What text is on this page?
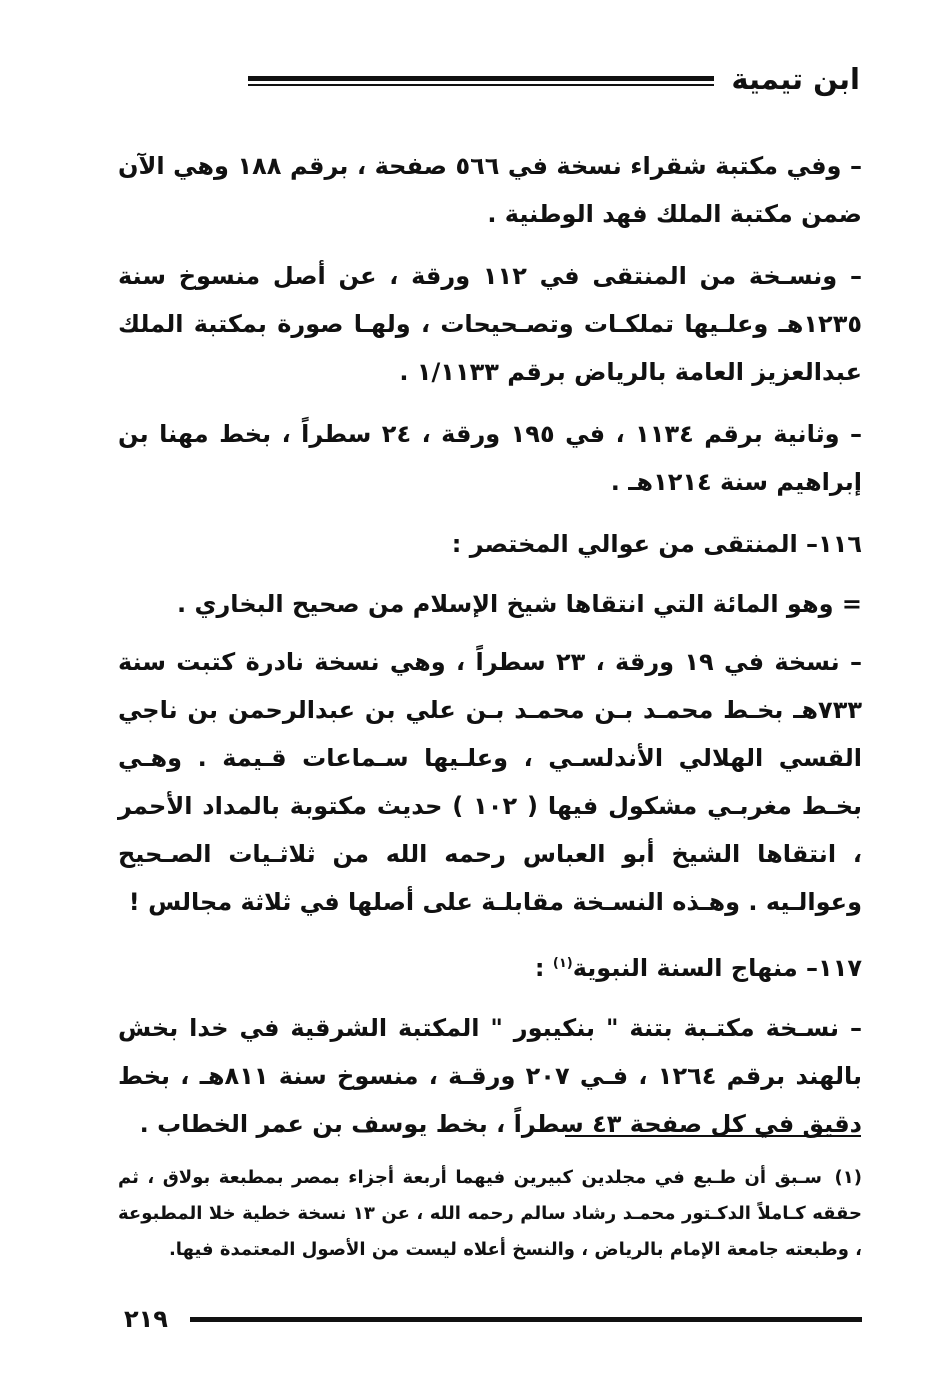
ابن تيمية

– وفي مكتبة شقراء نسخة في ٥٦٦ صفحة ، برقم ١٨٨ وهي الآن ضمن مكتبة الملك فهد الوطنية .

– ونسـخة من المنتقى في ١١٢ ورقة ، عن أصل منسوخ سنة ١٢٣٥هـ وعلـيها تملكـات وتصـحيحات ، ولهـا صورة بمكتبة الملك عبدالعزيز العامة بالرياض برقم ١/١١٣٣ .

– وثانية برقم ١١٣٤ ، في ١٩٥ ورقة ، ٢٤ سطراً ، بخط مهنا بن إبراهيم سنة ١٢١٤هـ .

١١٦– المنتقى من عوالي المختصر :

= وهو المائة التي انتقاها شيخ الإسلام من صحيح البخاري .

– نسخة في ١٩ ورقة ، ٢٣ سطراً ، وهي نسخة نادرة كتبت سنة ٧٣٣هـ بخـط محمـد بـن محمـد بـن علي بن عبدالرحمن بن ناجي القسي الهلالي الأندلسـي ، وعلـيها سـماعات قـيمة . وهـي بخـط مغربـي مشكول فيها ( ١٠٢ ) حديث مكتوبة بالمداد الأحمر ، انتقاها الشيخ أبو العباس رحمه الله من ثلاثـيات الصـحيح وعوالـيه . وهـذه النسـخة مقابلـة على أصلها في ثلاثة مجالس !

١١٧– منهاج السنة النبوية$^{(١)}$ :

– نسـخة مكتـبة بتنة " بنكيبور " المكتبة الشرقية في خدا بخش بالهند برقم ١٢٦٤ ، فـي ٢٠٧ ورقـة ، منسوخ سنة ٨١١هـ ، بخط دقيق في كل صفحة ٤٣ سطراً ، بخط يوسف بن عمر الخطاب .

(١)سـبق أن طـبع في مجلدين كبيرين فيهما أربعة أجزاء بمصر بمطبعة بولاق ، ثم حققه كـاملاً الدكـتور محمـد رشاد سالم رحمه الله ، عن ١٣ نسخة خطية خلا المطبوعة ، وطبعته جامعة الإمام بالرياض ، والنسخ أعلاه ليست من الأصول المعتمدة فيها.
٢١٩
